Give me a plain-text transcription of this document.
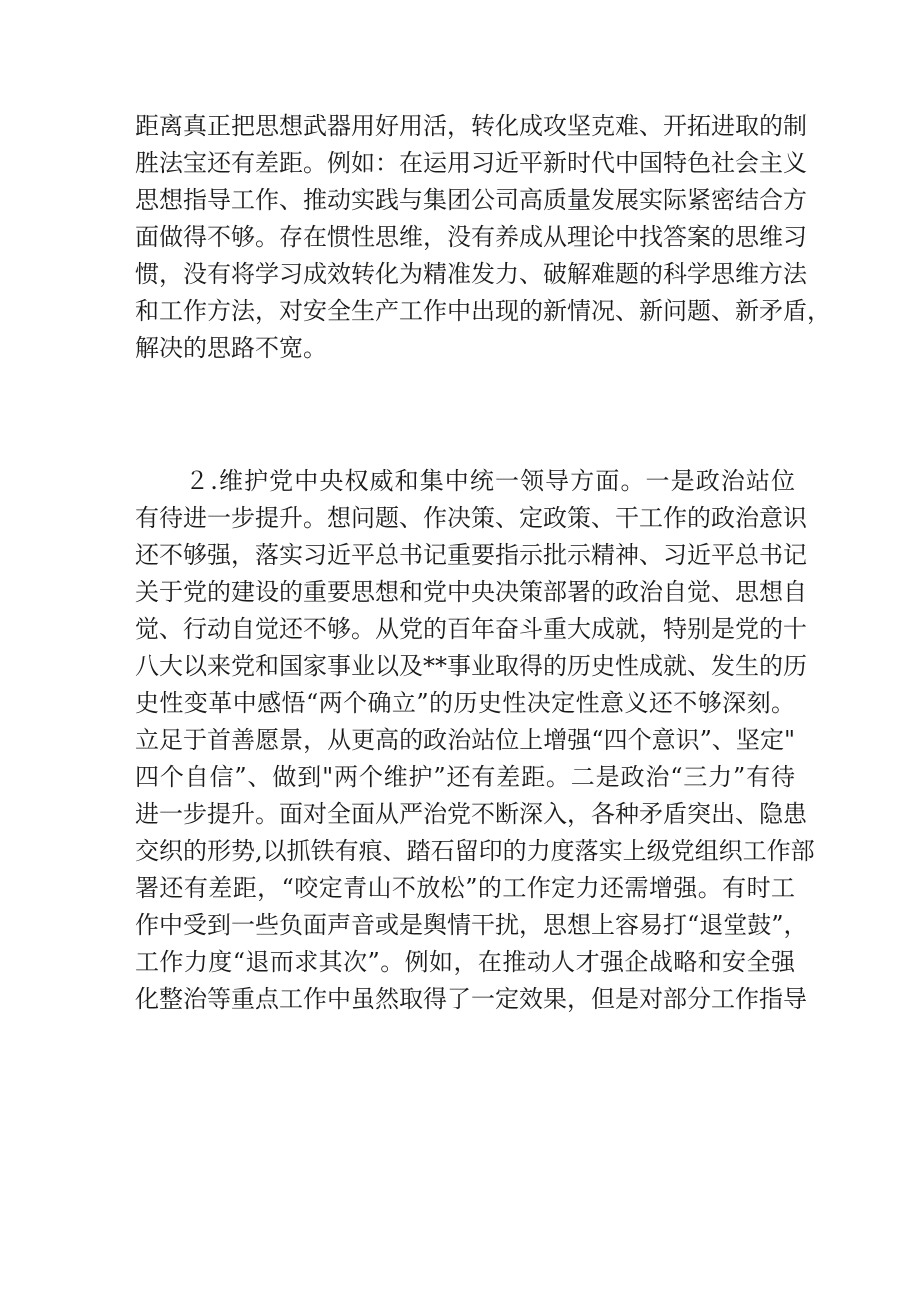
距离真正把思想武器用好用活，转化成攻坚克难、开拓进取的制
胜法宝还有差距。例如：在运用习近平新时代中国特色社会主义
思想指导工作、推动实践与集团公司高质量发展实际紧密结合方
面做得不够。存在惯性思维，没有养成从理论中找答案的思维习
惯，没有将学习成效转化为精准发力、破解难题的科学思维方法
和工作方法，对安全生产工作中出现的新情况、新问题、新矛盾，
解决的思路不宽。
　　２.维护党中央权威和集中统一领导方面。一是政治站位
有待进一步提升。想问题、作决策、定政策、干工作的政治意识
还不够强，落实习近平总书记重要指示批示精神、习近平总书记
关于党的建设的重要思想和党中央决策部署的政治自觉、思想自
觉、行动自觉还不够。从党的百年奋斗重大成就，特别是党的十
八大以来党和国家事业以及**事业取得的历史性成就、发生的历
史性变革中感悟“两个确立”的历史性决定性意义还不够深刻。
立足于首善愿景，从更高的政治站位上增强“四个意识”、坚定"
四个自信”、做到"两个维护”还有差距。二是政治“三力”有待
进一步提升。面对全面从严治党不断深入，各种矛盾突出、隐患
交织的形势,以抓铁有痕、踏石留印的力度落实上级党组织工作部
署还有差距，“咬定青山不放松”的工作定力还需增强。有时工
作中受到一些负面声音或是舆情干扰，思想上容易打“退堂鼓”，
工作力度“退而求其次”。例如，在推动人才强企战略和安全强
化整治等重点工作中虽然取得了一定效果，但是对部分工作指导
